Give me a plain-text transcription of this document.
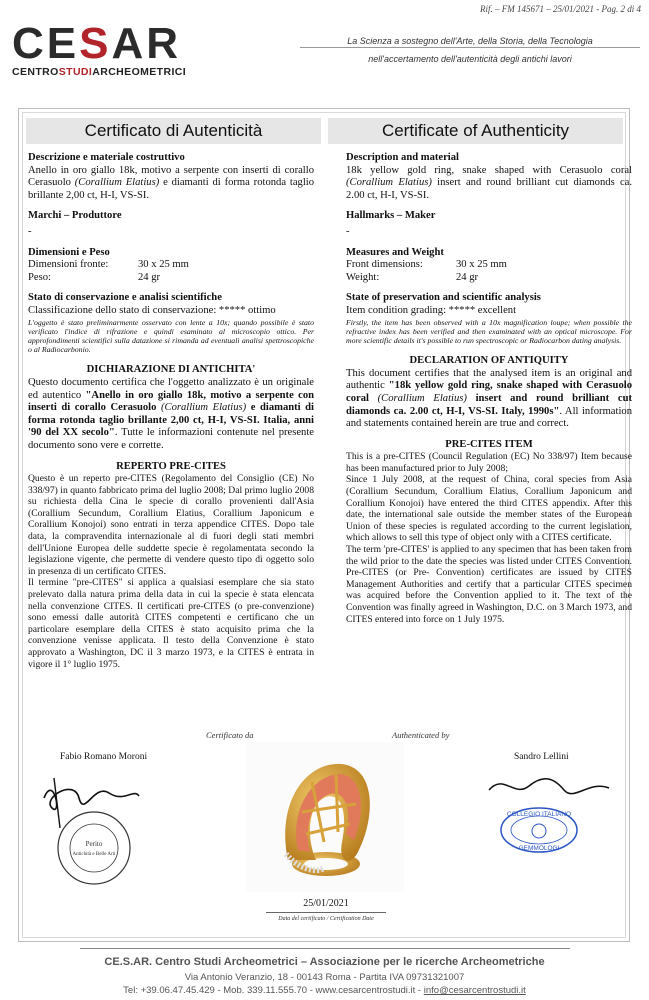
Rif. – FM 145671 – 25/01/2021 - Pag. 2 di 4
CESAR
CENTROSTUDIARCHEOMETRICI
La Scienza a sostegno dell'Arte, della Storia, della Tecnologia
nell'accertamento dell'autenticità degli antichi lavori
Certificato di Autenticità	Certificate of Authenticity

Descrizione e materiale costruttivo

Anello in oro giallo 18k, motivo a serpente con inserti di corallo Cerasuolo (Corallium Elatius) e diamanti di forma rotonda taglio brillante 2,00 ct, H-I, VS-SI.

Marchi – Produttore

-

Dimensioni e Peso

Dimensioni fronte:	30 x 25 mm
Peso:	24 gr

Stato di conservazione e analisi scientifiche

Classificazione dello stato di conservazione: ***** ottimo

L'oggetto è stato preliminarmente osservato con lente a 10x; quando possibile è stato verificato l'indice di rifrazione e quindi esaminato al microscopio ottico. Per approfondimenti scientifici sulla datazione si rimanda ad eventuali analisi spettroscopiche o al Radiocarbonio.

DICHIARAZIONE DI ANTICHITA'

Questo documento certifica che l'oggetto analizzato è un originale ed autentico "Anello in oro giallo 18k, motivo a serpente con inserti di corallo Cerasuolo (Corallium Elatius) e diamanti di forma rotonda taglio brillante 2,00 ct, H-I, VS-SI. Italia, anni '90 del XX secolo". Tutte le informazioni contenute nel presente documento sono vere e corrette.

REPERTO PRE-CITES

Questo è un reperto pre-CITES (Regolamento del Consiglio (CE) No 338/97) in quanto fabbricato prima del luglio 2008; Dal primo luglio 2008 su richiesta della Cina le specie di corallo provenienti dall'Asia (Corallium Secundum, Corallium Elatius, Corallium Japonicum e Corallium Konojoi) sono entrati in terza appendice CITES. Dopo tale data, la compravendita internazionale al di fuori degli stati membri dell'Unione Europea delle suddette specie è regolamentata secondo la legislazione vigente, che permette di vendere questo tipo di oggetto solo in presenza di un certificato CITES.

Il termine "pre-CITES" si applica a qualsiasi esemplare che sia stato prelevato dalla natura prima della data in cui la specie è stata elencata nella convenzione CITES. Il certificati pre-CITES (o pre-convenzione) sono emessi dalle autorità CITES competenti e certificano che un particolare esemplare della CITES è stato acquisito prima che la convenzione venisse applicata. Il testo della Convenzione è stato approvato a Washington, DC il 3 marzo 1973, e la CITES è entrata in vigore il 1° luglio 1975.

Description and material

18k yellow gold ring, snake shaped with Cerasuolo coral (Corallium Elatius) insert and round brilliant cut diamonds ca. 2.00 ct, H-I, VS-SI.

Hallmarks – Maker

-

Measures and Weight

Front dimensions:	30 x 25 mm
Weight:	24 gr

State of preservation and scientific analysis

Item condition grading: ***** excellent

Firstly, the item has been observed with a 10x magnification loupe; when possible the refractive index has been verified and then examinated with an optical microscope. For more scientific details it's possible to run spectroscopic or Radiocarbon dating analysis.

DECLARATION OF ANTIQUITY

This document certifies that the analysed item is an original and authentic "18k yellow gold ring, snake shaped with Cerasuolo coral (Corallium Elatius) insert and round brilliant cut diamonds ca. 2.00 ct, H-I, VS-SI. Italy, 1990s". All information and statements contained herein are true and correct.

PRE-CITES ITEM

This is a pre-CITES (Council Regulation (EC) No 338/97) Item because has been manufactured prior to July 2008;

Since 1 July 2008, at the request of China, coral species from Asia (Corallium Secundum, Corallium Elatius, Corallium Japonicum and Corallium Konojoi) have entered the third CITES appendix. After this date, the international sale outside the member states of the European Union of these species is regulated according to the current legislation, which allows to sell this type of object only with a CITES certificate.

The term 'pre-CITES' is applied to any specimen that has been taken from the wild prior to the date the species was listed under CITES Convention. Pre-CITES (or Pre- Convention) certificates are issued by CITES Management Authorities and certify that a particular CITES specimen was acquired before the Convention applied to it. The text of the Convention was finally agreed in Washington, D.C. on 3 March 1973, and CITES entered into force on 1 July 1975.

Certificato da	Authenticated by
Fabio Romano Moroni	Sandro Lellini
Perito
Antichità e Belle Arti
COLLEGIO ITALIANO
GEMMOLOGI
25/01/2021
Data del certificato / Certification Date
CE.S.AR. Centro Studi Archeometrici – Associazione per le ricerche Archeometriche
Via Antonio Veranzio, 18 - 00143 Roma - Partita IVA 09731321007
Tel: +39.06.47.45.429 - Mob. 339.11.555.70 - www.cesarcentrostudi.it - info@cesarcentrostudi.it
